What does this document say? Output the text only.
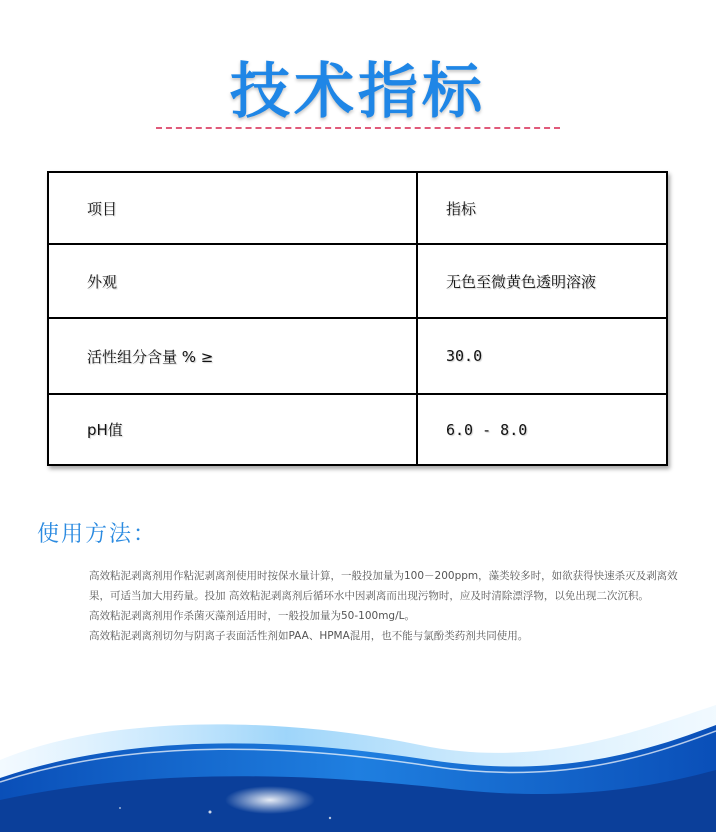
技术指标
项目	指标
外观	无色至微黄色透明溶液
活性组分含量 % ≥	30.0
pH值	6.0 - 8.0
使用方法：

高效粘泥剥离剂用作粘泥剥离剂使用时按保水量计算，一般投加量为100－200ppm，藻类较多时，如欲获得快速杀灭及剥离效果，可适当加大用药量。投加 高效粘泥剥离剂后循环水中因剥离而出现污物时，应及时清除漂浮物，以免出现二次沉积。

高效粘泥剥离剂用作杀菌灭藻剂适用时，一般投加量为50-100mg/L。

高效粘泥剥离剂切勿与阴离子表面活性剂如PAA、HPMA混用，也不能与氯酚类药剂共同使用。
